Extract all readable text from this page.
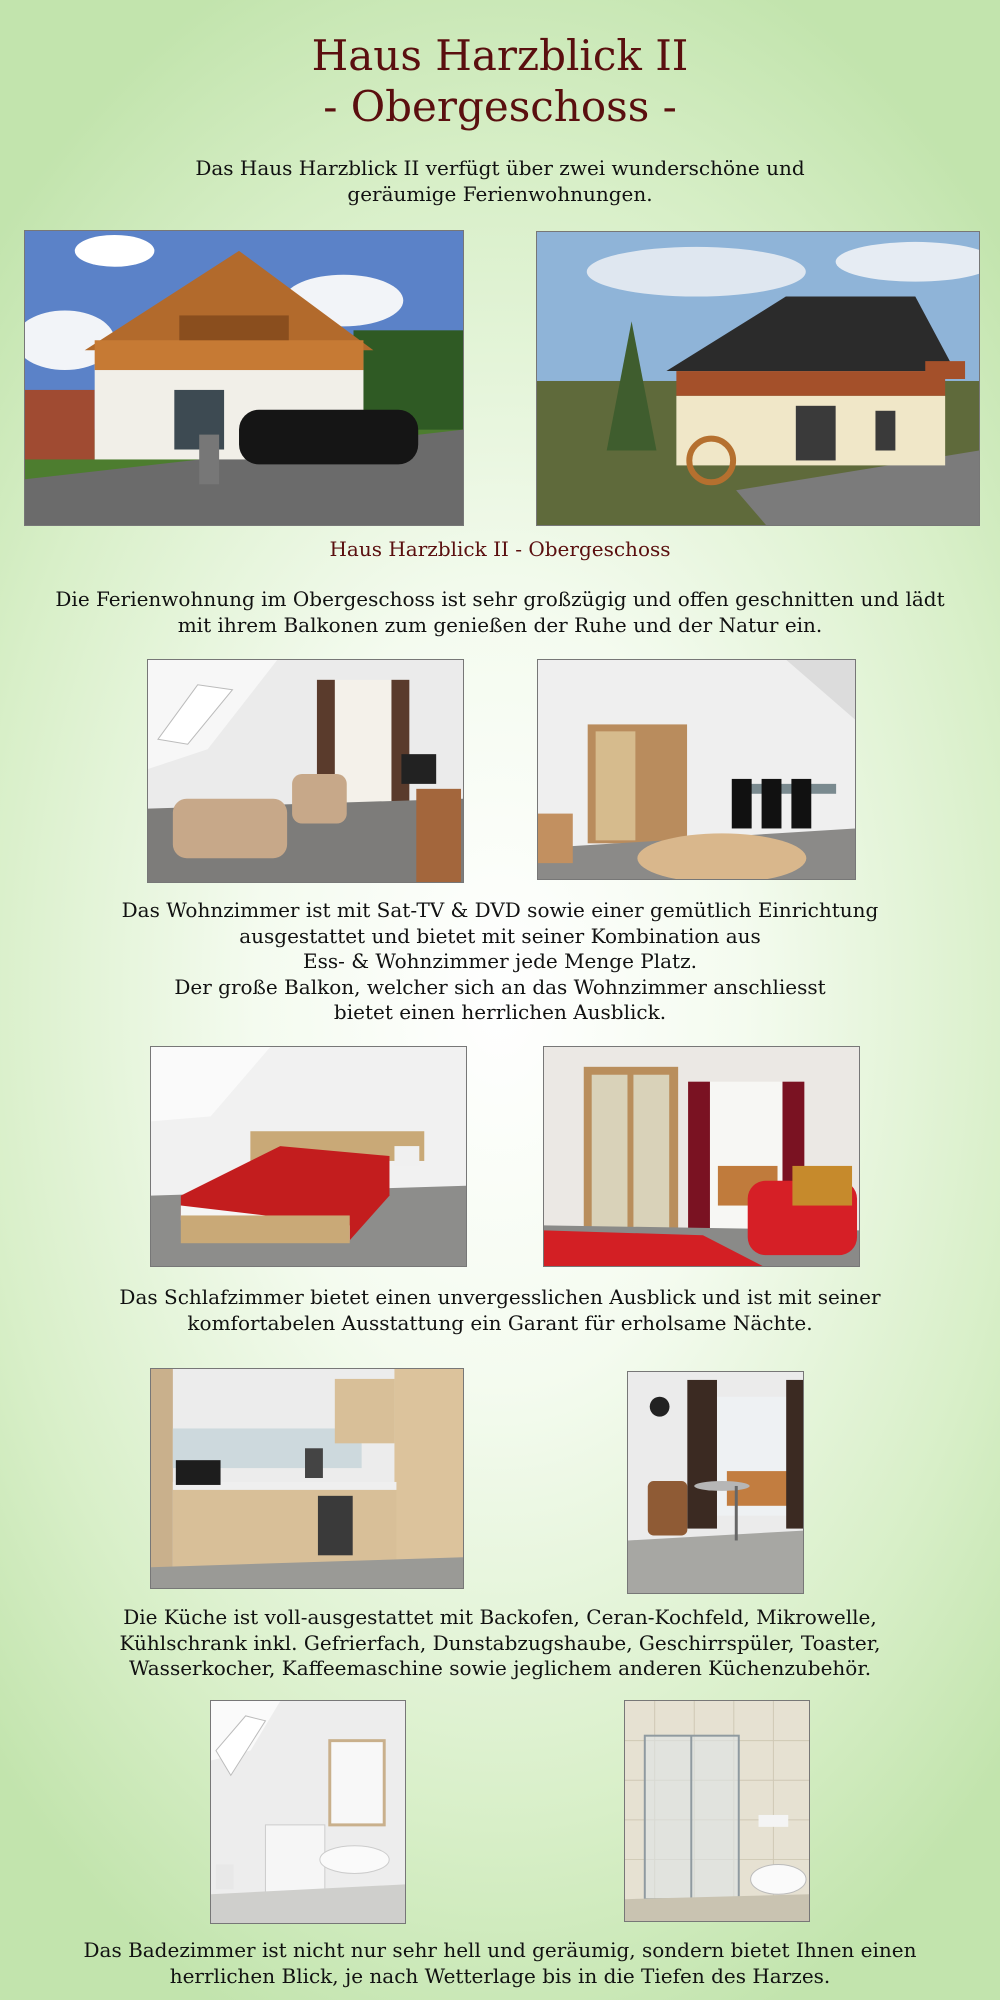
Haus Harzblick II
- Obergeschoss -
Das Haus Harzblick II verfügt über zwei wunderschöne und geräumige Ferienwohnungen.
Haus Harzblick II - Obergeschoss
Die Ferienwohnung im Obergeschoss ist sehr großzügig und offen geschnitten und lädt mit ihrem Balkonen zum genießen der Ruhe und der Natur ein.
Das Wohnzimmer ist mit Sat-TV & DVD sowie einer gemütlich Einrichtung
ausgestattet und bietet mit seiner Kombination aus
Ess- & Wohnzimmer jede Menge Platz.
Der große Balkon, welcher sich an das Wohnzimmer anschliesst
bietet einen herrlichen Ausblick.
Das Schlafzimmer bietet einen unvergesslichen Ausblick und ist mit seiner komfortabelen Ausstattung ein Garant für erholsame Nächte.
Die Küche ist voll-ausgestattet mit Backofen, Ceran-Kochfeld, Mikrowelle, Kühlschrank inkl. Gefrierfach, Dunstabzugshaube, Geschirrspüler, Toaster, Wasserkocher, Kaffeemaschine sowie jeglichem anderen Küchenzubehör.
Das Badezimmer ist nicht nur sehr hell und geräumig, sondern bietet Ihnen einen herrlichen Blick, je nach Wetterlage bis in die Tiefen des Harzes.
